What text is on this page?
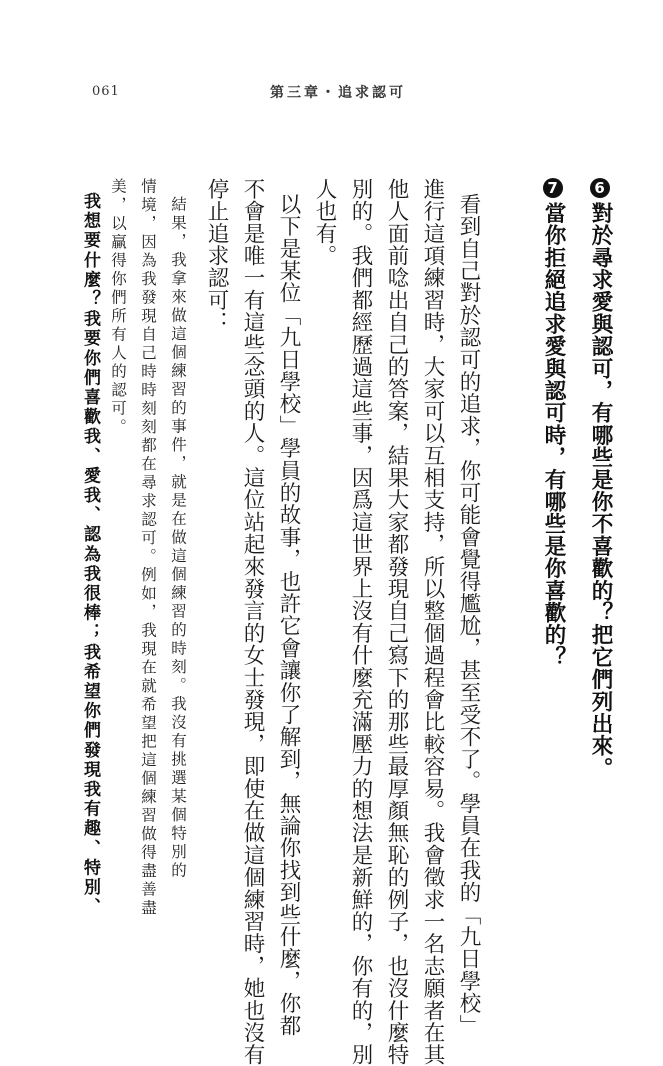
061	第三章・追求認可
6對於尋求愛與認可，有哪些是你不喜歡的？把它們列出來。
7當你拒絕追求愛與認可時，有哪些是你喜歡的？
看到自己對於認可的追求，你可能會覺得尷尬，甚至受不了。學員在我的「九日學校」
進行這項練習時，大家可以互相支持，所以整個過程會比較容易。我會徵求一名志願者在其
他人面前唸出自己的答案，結果大家都發現自己寫下的那些最厚顏無恥的例子，也沒什麼特
別的。我們都經歷過這些事，因爲這世界上沒有什麼充滿壓力的想法是新鮮的，你有的，別
人也有。
以下是某位「九日學校」學員的故事，也許它會讓你了解到，無論你找到些什麼，你都
不會是唯一有這些念頭的人。這位站起來發言的女士發現，即使在做這個練習時，她也沒有
停止追求認可：
結果，我拿來做這個練習的事件，就是在做這個練習的時刻。我沒有挑選某個特別的
情境，因為我發現自己時時刻刻都在尋求認可。例如，我現在就希望把這個練習做得盡善盡
美，以贏得你們所有人的認可。
我想要什麼？我要你們喜歡我、愛我、認為我很棒；我希望你們發現我有趣、特別、
